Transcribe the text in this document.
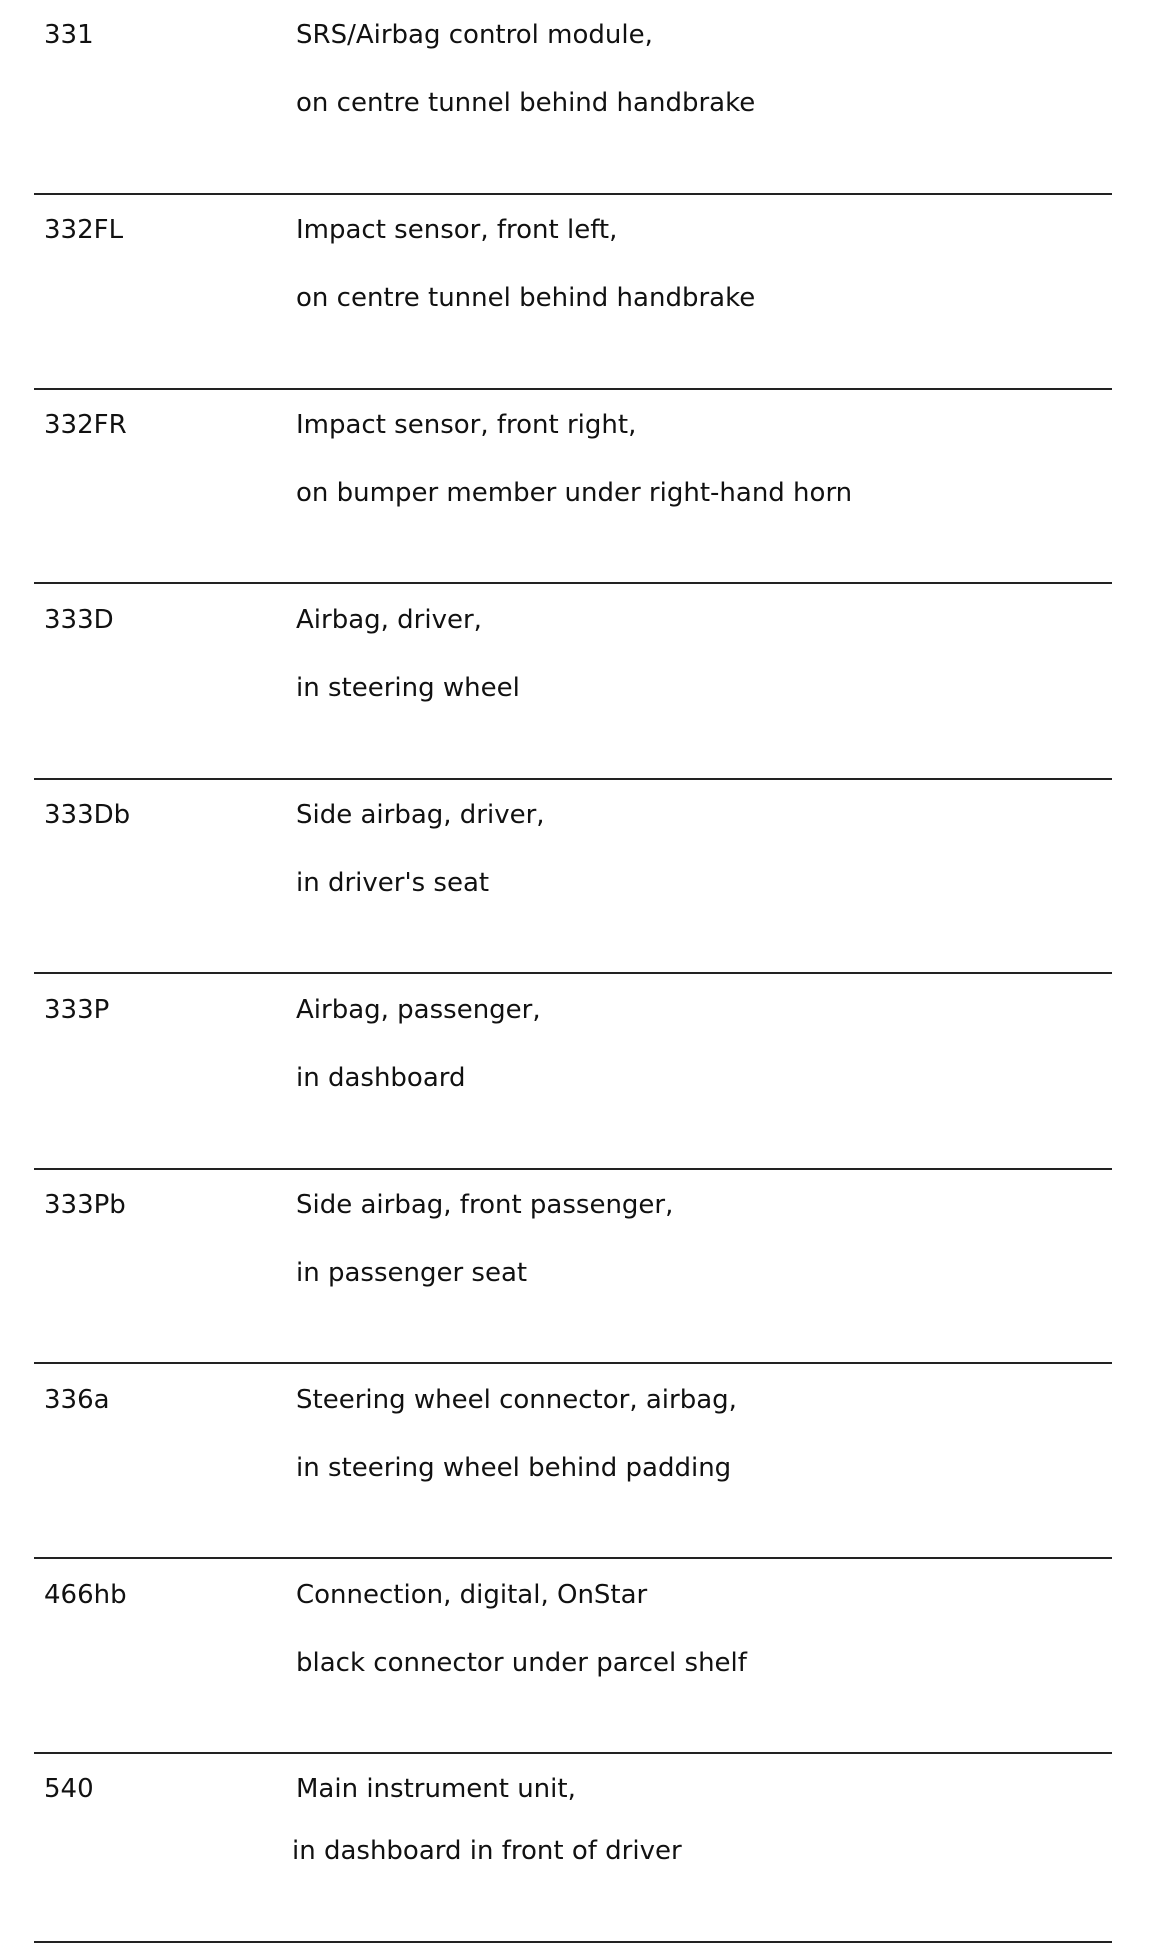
331	SRS/Airbag control module,
on centre tunnel behind handbrake
332FL	Impact sensor, front left,
on centre tunnel behind handbrake
332FR	Impact sensor, front right,
on bumper member under right-hand horn
333D	Airbag, driver,
in steering wheel
333Db	Side airbag, driver,
in driver's seat
333P	Airbag, passenger,
in dashboard
333Pb	Side airbag, front passenger,
in passenger seat
336a	Steering wheel connector, airbag,
in steering wheel behind padding
466hb	Connection, digital, OnStar
black connector under parcel shelf
540	Main instrument unit,
in dashboard in front of driver
